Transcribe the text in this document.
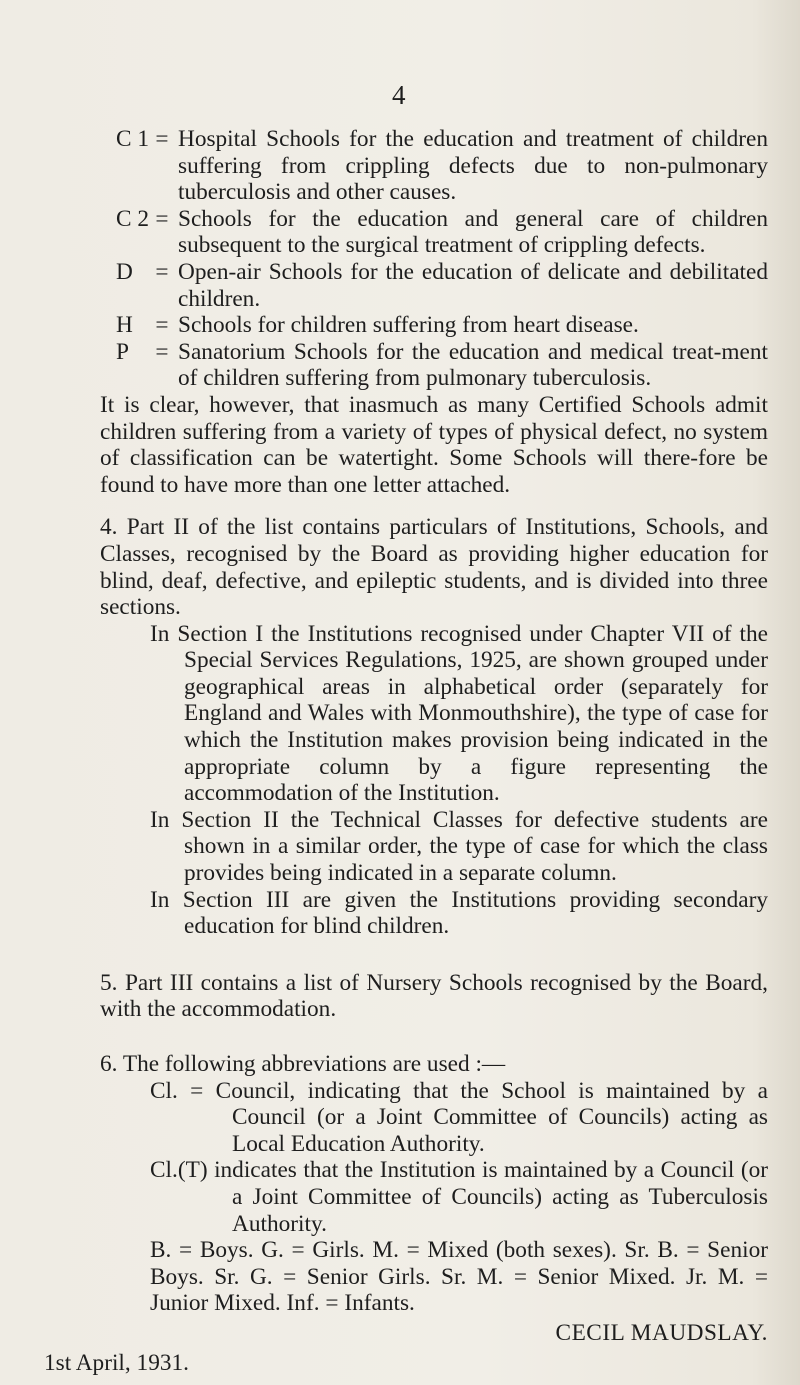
4
C 1 = Hospital Schools for the education and treatment of children suffering from crippling defects due to non-pulmonary tuberculosis and other causes.
C 2 = Schools for the education and general care of children subsequent to the surgical treatment of crippling defects.
D = Open-air Schools for the education of delicate and debilitated children.
H = Schools for children suffering from heart disease.
P	= Sanatorium Schools for the education and medical treat-ment of children suffering from pulmonary tuberculosis.

It is clear, however, that inasmuch as many Certified Schools admit children suffering from a variety of types of physical defect, no system of classification can be watertight. Some Schools will there-fore be found to have more than one letter attached.

4. Part II of the list contains particulars of Institutions, Schools, and Classes, recognised by the Board as providing higher education for blind, deaf, defective, and epileptic students, and is divided into three sections.

In Section I the Institutions recognised under Chapter VII of the Special Services Regulations, 1925, are shown grouped under geographical areas in alphabetical order (separately for England and Wales with Monmouthshire), the type of case for which the Institution makes provision being indicated in the appropriate column by a figure representing the accommodation of the Institution.

In Section II the Technical Classes for defective students are shown in a similar order, the type of case for which the class provides being indicated in a separate column.

In Section III are given the Institutions providing secondary education for blind children.

5. Part III contains a list of Nursery Schools recognised by the Board, with the accommodation.

6. The following abbreviations are used :—

Cl. = Council, indicating that the School is maintained by a Council (or a Joint Committee of Councils) acting as Local Education Authority.

Cl.(T) indicates that the Institution is maintained by a Council (or a Joint Committee of Councils) acting as Tuberculosis Authority.

B. = Boys. G. = Girls. M. = Mixed (both sexes). Sr. B. = Senior Boys. Sr. G. = Senior Girls. Sr. M. = Senior Mixed. Jr. M. = Junior Mixed. Inf. = Infants.

CECIL MAUDSLAY.
1st April, 1931.
